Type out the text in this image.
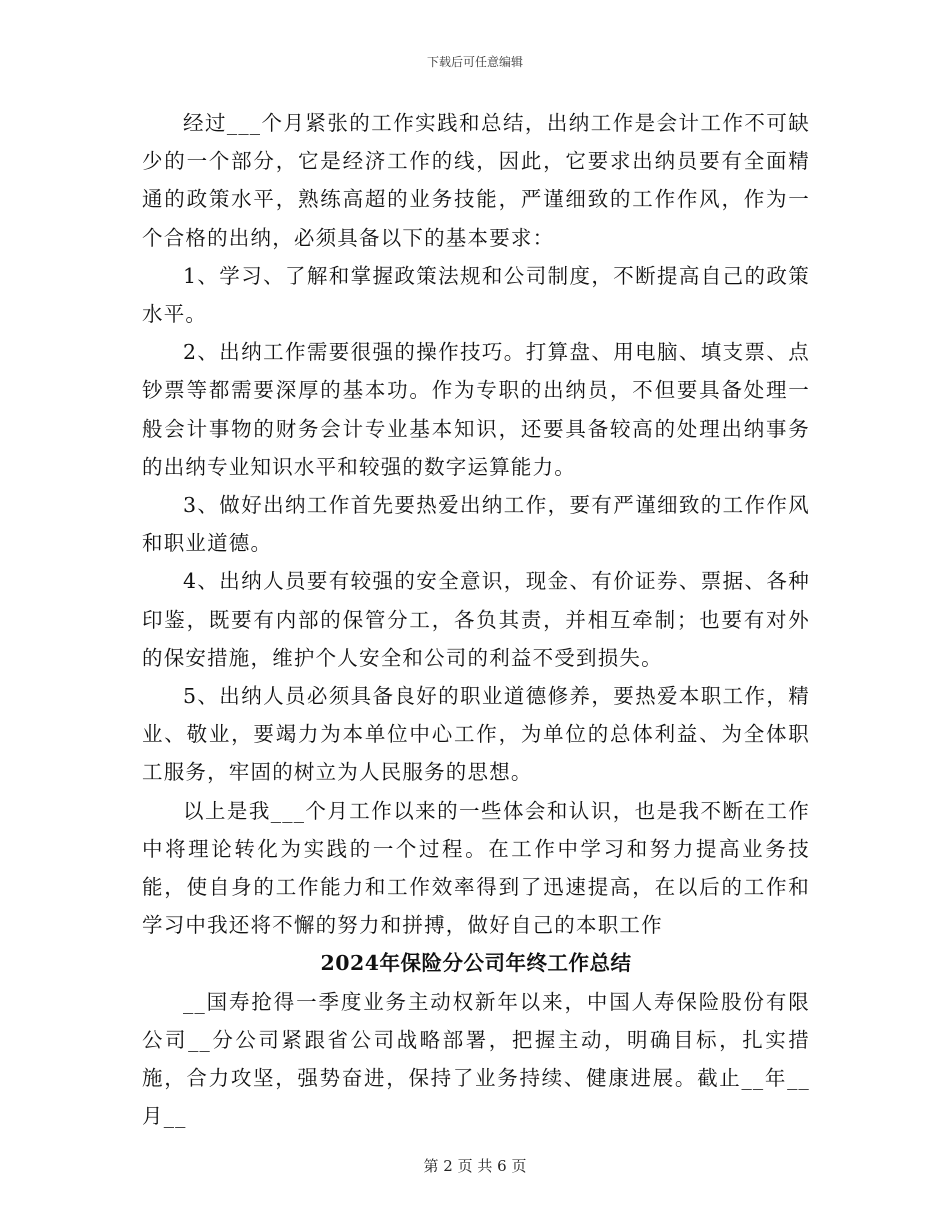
下载后可任意编辑

经过___个月紧张的工作实践和总结，出纳工作是会计工作不可缺少的一个部分，它是经济工作的线，因此，它要求出纳员要有全面精通的政策水平，熟练高超的业务技能，严谨细致的工作作风，作为一个合格的出纳，必须具备以下的基本要求：

1、学习、了解和掌握政策法规和公司制度，不断提高自己的政策水平。

2、出纳工作需要很强的操作技巧。打算盘、用电脑、填支票、点钞票等都需要深厚的基本功。作为专职的出纳员，不但要具备处理一般会计事物的财务会计专业基本知识，还要具备较高的处理出纳事务的出纳专业知识水平和较强的数字运算能力。

3、做好出纳工作首先要热爱出纳工作，要有严谨细致的工作作风和职业道德。

4、出纳人员要有较强的安全意识，现金、有价证券、票据、各种印鉴，既要有内部的保管分工，各负其责，并相互牵制；也要有对外的保安措施，维护个人安全和公司的利益不受到损失。

5、出纳人员必须具备良好的职业道德修养，要热爱本职工作，精业、敬业，要竭力为本单位中心工作，为单位的总体利益、为全体职工服务，牢固的树立为人民服务的思想。

以上是我___个月工作以来的一些体会和认识，也是我不断在工作中将理论转化为实践的一个过程。在工作中学习和努力提高业务技能，使自身的工作能力和工作效率得到了迅速提高，在以后的工作和学习中我还将不懈的努力和拼搏，做好自己的本职工作

2024年保险分公司年终工作总结

__国寿抢得一季度业务主动权新年以来，中国人寿保险股份有限公司__分公司紧跟省公司战略部署，把握主动，明确目标，扎实措施，合力攻坚，强势奋进，保持了业务持续、健康进展。截止__年__月__

第 2 页 共 6 页
